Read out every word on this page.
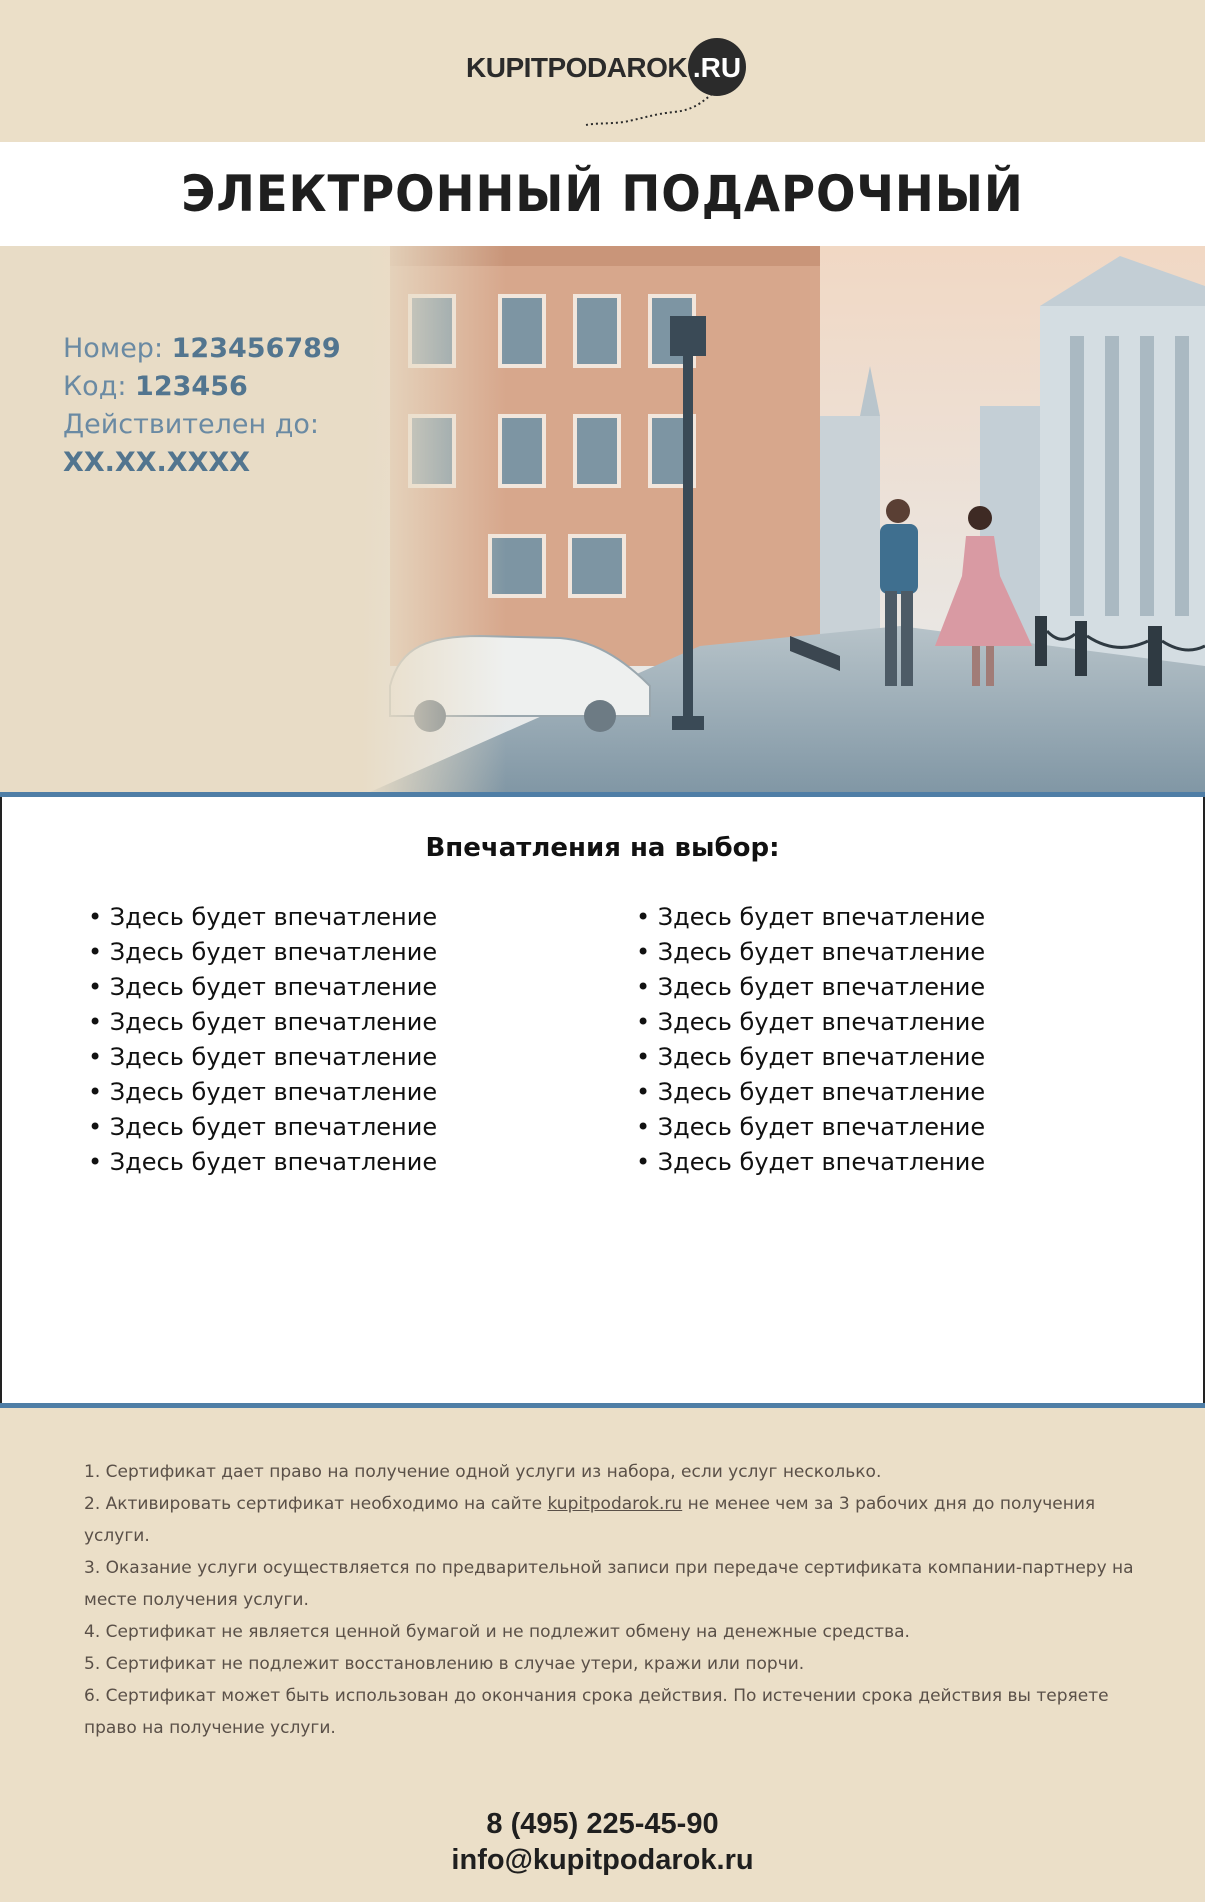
KUPITPODAROK .RU
ЭЛЕКТРОННЫЙ ПОДАРОЧНЫЙ
Номер: 123456789
Код: 123456
Действителен до:
XX.XX.XXXX
Впечатления на выбор:
• Здесь будет впечатление
• Здесь будет впечатление
• Здесь будет впечатление
• Здесь будет впечатление
• Здесь будет впечатление
• Здесь будет впечатление
• Здесь будет впечатление
• Здесь будет впечатление
• Здесь будет впечатление
• Здесь будет впечатление
• Здесь будет впечатление
• Здесь будет впечатление
• Здесь будет впечатление
• Здесь будет впечатление
• Здесь будет впечатление
• Здесь будет впечатление

1. Сертификат дает право на получение одной услуги из набора, если услуг несколько.

2. Активировать сертификат необходимо на сайте kupitpodarok.ru не менее чем за 3 рабочих дня до получения услуги.

3. Оказание услуги осуществляется по предварительной записи при передаче сертификата компании-партнеру на месте получения услуги.

4. Сертификат не является ценной бумагой и не подлежит обмену на денежные средства.

5. Сертификат не подлежит восстановлению в случае утери, кражи или порчи.

6. Сертификат может быть использован до окончания срока действия. По истечении срока действия вы теряете право на получение услуги.

8 (495) 225-45-90
info@kupitpodarok.ru
